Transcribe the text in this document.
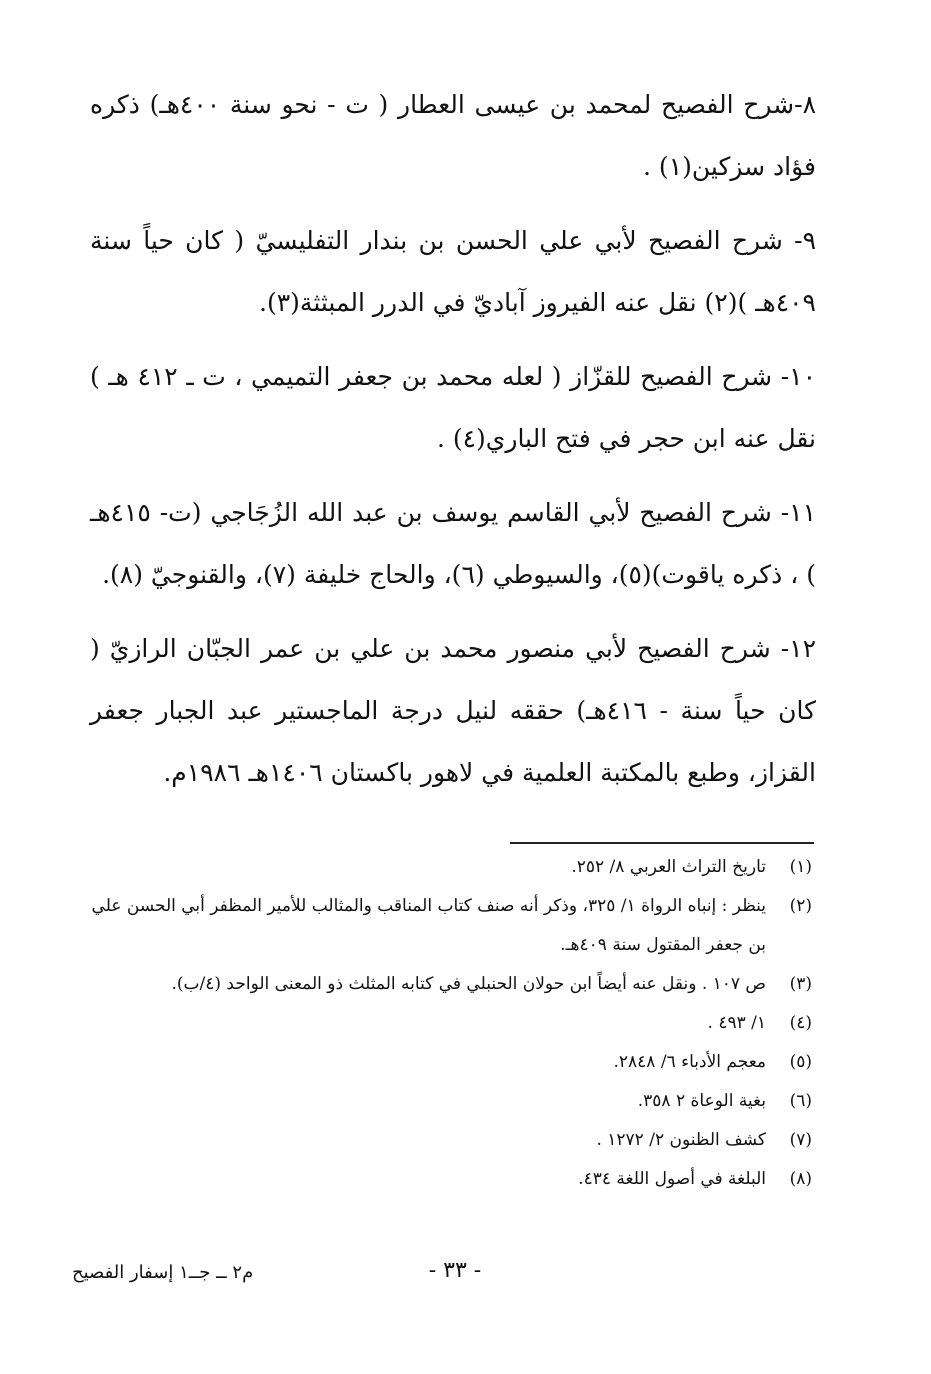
٨-شرح الفصيح لمحمد بن عيسى العطار ( ت - نحو سنة ٤٠٠هـ) ذكره فؤاد سزكين(١) .

٩- شرح الفصيح لأبي علي الحسن بن بندار التفليسيّ ( كان حياً سنة ٤٠٩هـ )(٢) نقل عنه الفيروز آباديّ في الدرر المبثثة(٣).

١٠- شرح الفصيح للقزّاز ( لعله محمد بن جعفر التميمي ، ت ـ ٤١٢ هـ ) نقل عنه ابن حجر في فتح الباري(٤) .

١١- شرح الفصيح لأبي القاسم يوسف بن عبد الله الزُجَاجي (ت- ٤١٥هـ ) ، ذكره ياقوت)(٥)، والسيوطي (٦)، والحاج خليفة (٧)، والقنوجيّ (٨).

١٢- شرح الفصيح لأبي منصور محمد بن علي بن عمر الجبّان الرازيّ ( كان حياً سنة - ٤١٦هـ) حققه لنيل درجة الماجستير عبد الجبار جعفر القزاز، وطبع بالمكتبة العلمية في لاهور باكستان ١٤٠٦هـ ١٩٨٦م.

(١)
تاريخ التراث العربي ٨/ ٢٥٢.
(٢)
ينظر : إنباه الرواة ١/ ٣٢٥، وذكر أنه صنف كتاب المناقب والمثالب للأمير المظفر أبي الحسن علي بن جعفر المقتول سنة ٤٠٩هـ.
(٣)
ص ١٠٧ . ونقل عنه أيضاً ابن حولان الحنبلي في كتابه المثلث ذو المعنى الواحد (٤/ب).
(٤)
١/ ٤٩٣ .
(٥)
معجم الأدباء ٦/ ٢٨٤٨.
(٦)
بغية الوعاة ٢ ٣٥٨.
(٧)
كشف الظنون ٢/ ١٢٧٢ .
(٨)
البلغة في أصول اللغة ٤٣٤.
- ٣٣ -
م٢ ــ جــ١ إسفار الفصيح
